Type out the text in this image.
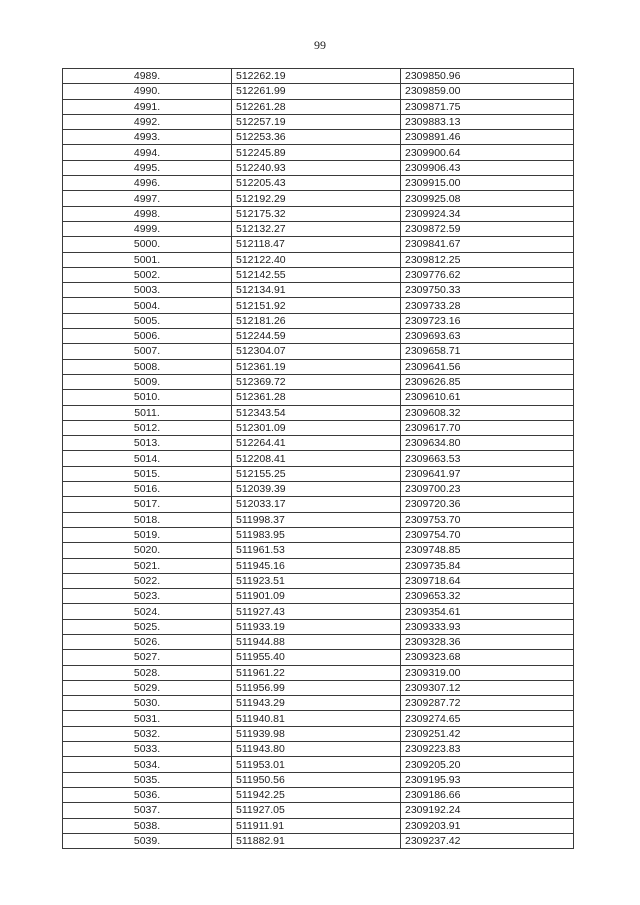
99
4989.	512262.19	2309850.96
4990.	512261.99	2309859.00
4991.	512261.28	2309871.75
4992.	512257.19	2309883.13
4993.	512253.36	2309891.46
4994.	512245.89	2309900.64
4995.	512240.93	2309906.43
4996.	512205.43	2309915.00
4997.	512192.29	2309925.08
4998.	512175.32	2309924.34
4999.	512132.27	2309872.59
5000.	512118.47	2309841.67
5001.	512122.40	2309812.25
5002.	512142.55	2309776.62
5003.	512134.91	2309750.33
5004.	512151.92	2309733.28
5005.	512181.26	2309723.16
5006.	512244.59	2309693.63
5007.	512304.07	2309658.71
5008.	512361.19	2309641.56
5009.	512369.72	2309626.85
5010.	512361.28	2309610.61
5011.	512343.54	2309608.32
5012.	512301.09	2309617.70
5013.	512264.41	2309634.80
5014.	512208.41	2309663.53
5015.	512155.25	2309641.97
5016.	512039.39	2309700.23
5017.	512033.17	2309720.36
5018.	511998.37	2309753.70
5019.	511983.95	2309754.70
5020.	511961.53	2309748.85
5021.	511945.16	2309735.84
5022.	511923.51	2309718.64
5023.	511901.09	2309653.32
5024.	511927.43	2309354.61
5025.	511933.19	2309333.93
5026.	511944.88	2309328.36
5027.	511955.40	2309323.68
5028.	511961.22	2309319.00
5029.	511956.99	2309307.12
5030.	511943.29	2309287.72
5031.	511940.81	2309274.65
5032.	511939.98	2309251.42
5033.	511943.80	2309223.83
5034.	511953.01	2309205.20
5035.	511950.56	2309195.93
5036.	511942.25	2309186.66
5037.	511927.05	2309192.24
5038.	511911.91	2309203.91
5039.	511882.91	2309237.42
